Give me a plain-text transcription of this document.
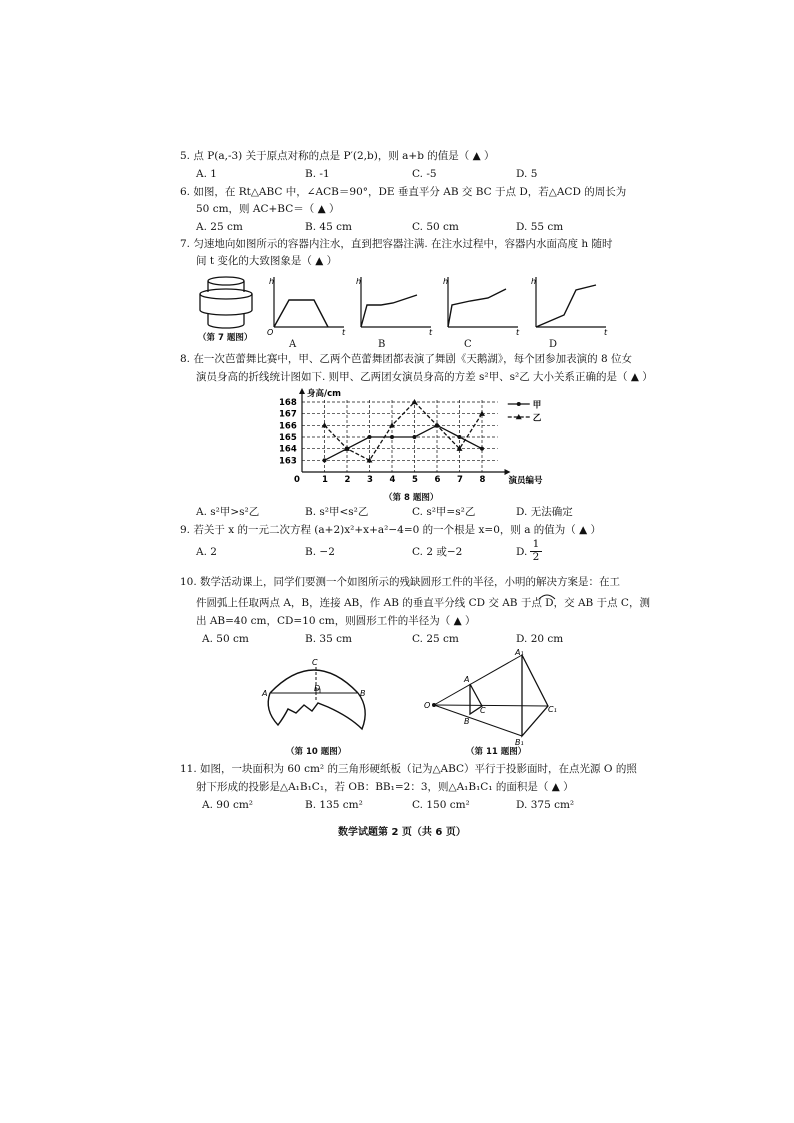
5. 点 P(a,-3) 关于原点对称的点是 P′(2,b)，则 a+b 的值是（ ▲ ）
A. 1	B. -1	C. -5	D. 5
6. 如图，在 Rt△ABC 中，∠ACB＝90°，DE 垂直平分 AB 交 BC 于点 D，若△ACD 的周长为
50 cm，则 AC+BC＝（ ▲ ）
A. 25 cm	B. 45 cm	C. 50 cm	D. 55 cm
7. 匀速地向如图所示的容器内注水，直到把容器注满. 在注水过程中，容器内水面高度 h 随时
间 t 变化的大致图象是（ ▲ ）
（第 7 题图）
h
O	t
A
h
t
B
h
t
C
h
t
D
8. 在一次芭蕾舞比赛中，甲、乙两个芭蕾舞团都表演了舞剧《天鹅湖》，每个团参加表演的 8 位女
演员身高的折线统计图如下. 则甲、乙两团女演员身高的方差 s²甲、s²乙 大小关系正确的是（ ▲ ）
163
164
165
166
167
168
1 2 3 4 5 6 7 8
0
身高/cm
演员编号
甲
乙
（第 8 题图）
A. s²甲>s²乙	B. s²甲<s²乙	C. s²甲=s²乙	D. 无法确定
9. 若关于 x 的一元二次方程 (a+2)x²+x+a²−4=0 的一个根是 x=0，则 a 的值为（ ▲ ）
A. 2	B. −2	C. 2 或−2	D. $\frac{1}{2}$
10. 数学活动课上，同学们要测一个如图所示的残缺圆形工件的半径，小明的解决方案是：在工
件圆弧上任取两点 A，B，连接 AB，作 AB 的垂直平分线 CD 交 AB 于点 D，交 AB 于点 C，测
出 AB=40 cm，CD=10 cm，则圆形工件的半径为（ ▲ ）
A. 50 cm	B. 35 cm	C. 25 cm	D. 20 cm
C
A
D
B
（第 10 题图）
A₁
A
O
C	C₁
B
B₁
（第 11 题图）
11. 如图，一块面积为 60 cm² 的三角形硬纸板（记为△ABC）平行于投影面时，在点光源 O 的照
射下形成的投影是△A₁B₁C₁，若 OB：BB₁=2：3，则△A₁B₁C₁ 的面积是（ ▲ ）
A. 90 cm²	B. 135 cm²	C. 150 cm²	D. 375 cm²
数学试题第 2 页（共 6 页）
